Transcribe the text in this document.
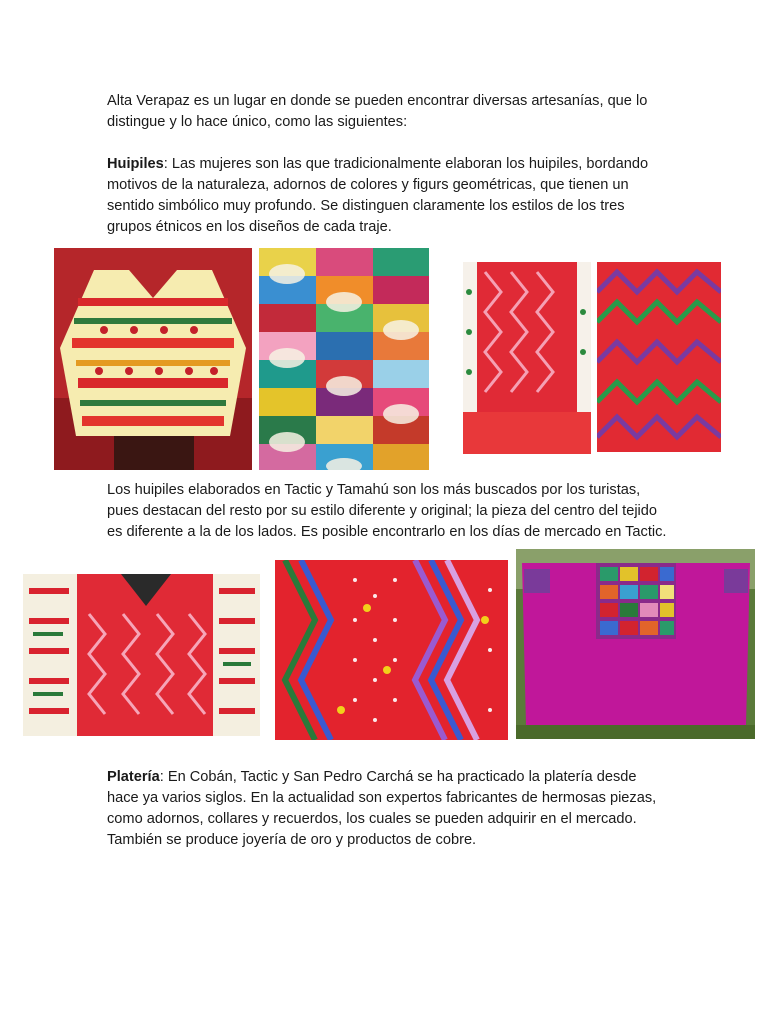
Alta Verapaz es un lugar en donde se pueden encontrar diversas artesanías, que lo distingue y lo hace único, como las siguientes:

Huipiles: Las mujeres son las que tradicionalmente elaboran los huipiles, bordando motivos de la naturaleza, adornos de colores y figurs geométricas, que tienen un sentido simbólico muy profundo. Se distinguen claramente los estilos de los tres grupos étnicos en los diseños de cada traje.

Los huipiles elaborados en Tactic y Tamahú son los más buscados por los turistas, pues destacan del resto por su estilo diferente y original; la pieza del centro del tejido es diferente a la de los lados. Es posible encontrarlo en los días de mercado en Tactic.

Platería: En Cobán, Tactic y San Pedro Carchá se ha practicado la platería desde hace ya varios siglos. En la actualidad son expertos fabricantes de hermosas piezas, como adornos, collares y recuerdos, los cuales se pueden adquirir en el mercado. También se produce joyería de oro y productos de cobre.
